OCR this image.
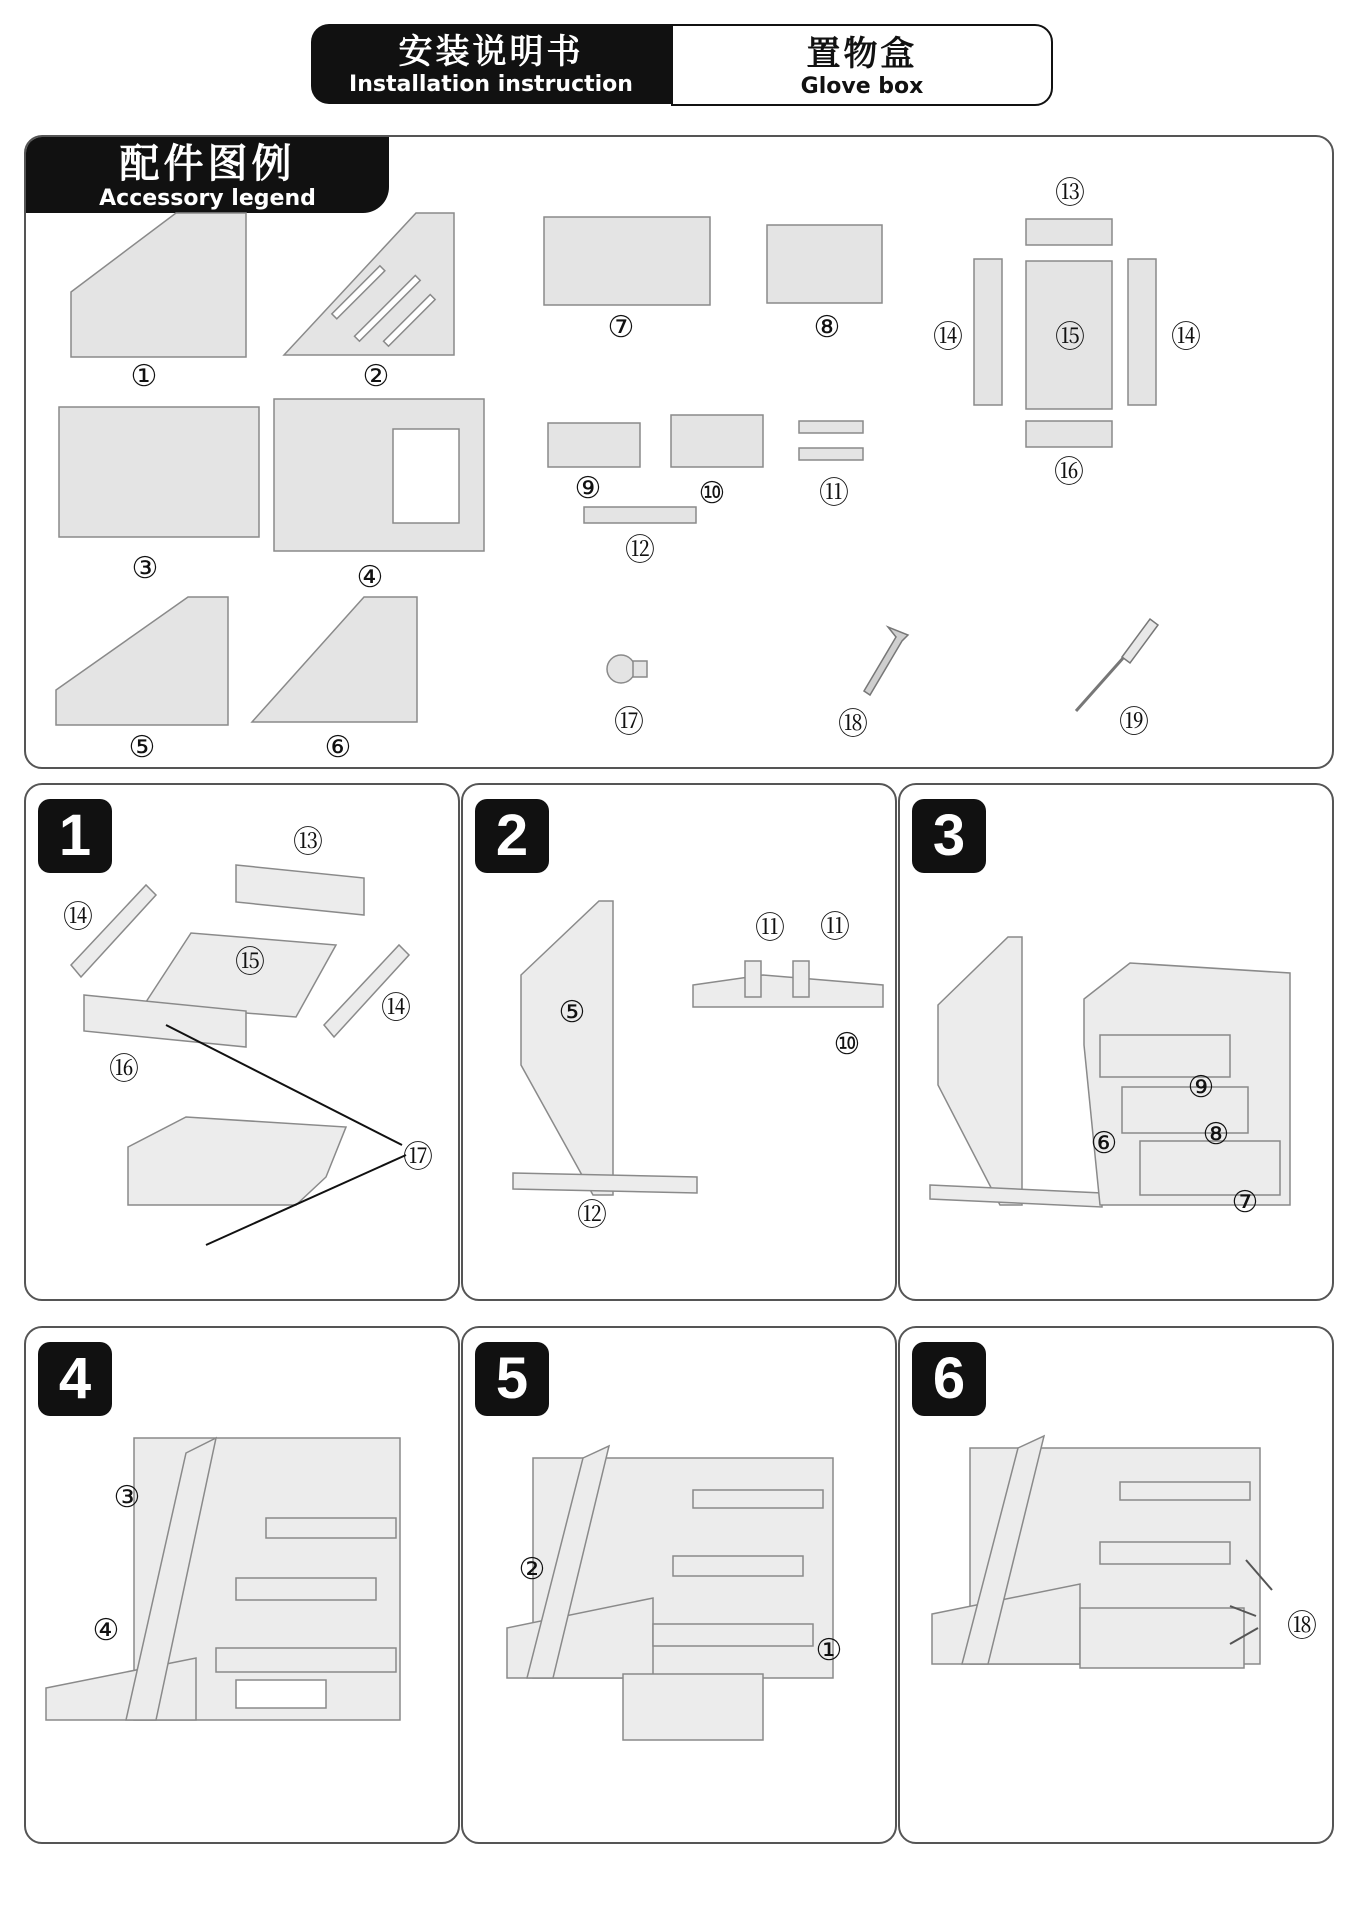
安装说明书
Installation instruction
置物盒
Glove box
配件图例
Accessory legend
①	②
③	④
⑤	⑥
⑦	⑧
⑨	⑩	⑪
⑫
⑬
⑭	⑮	⑭
⑯
⑰	⑱	⑲
1	⑬
⑭
⑮
⑭
⑯
⑰
2
⑤
⑪ ⑪
⑩
⑫
3
⑨
⑥	⑧
⑦
4
③
④
5
②
①
6
⑱
